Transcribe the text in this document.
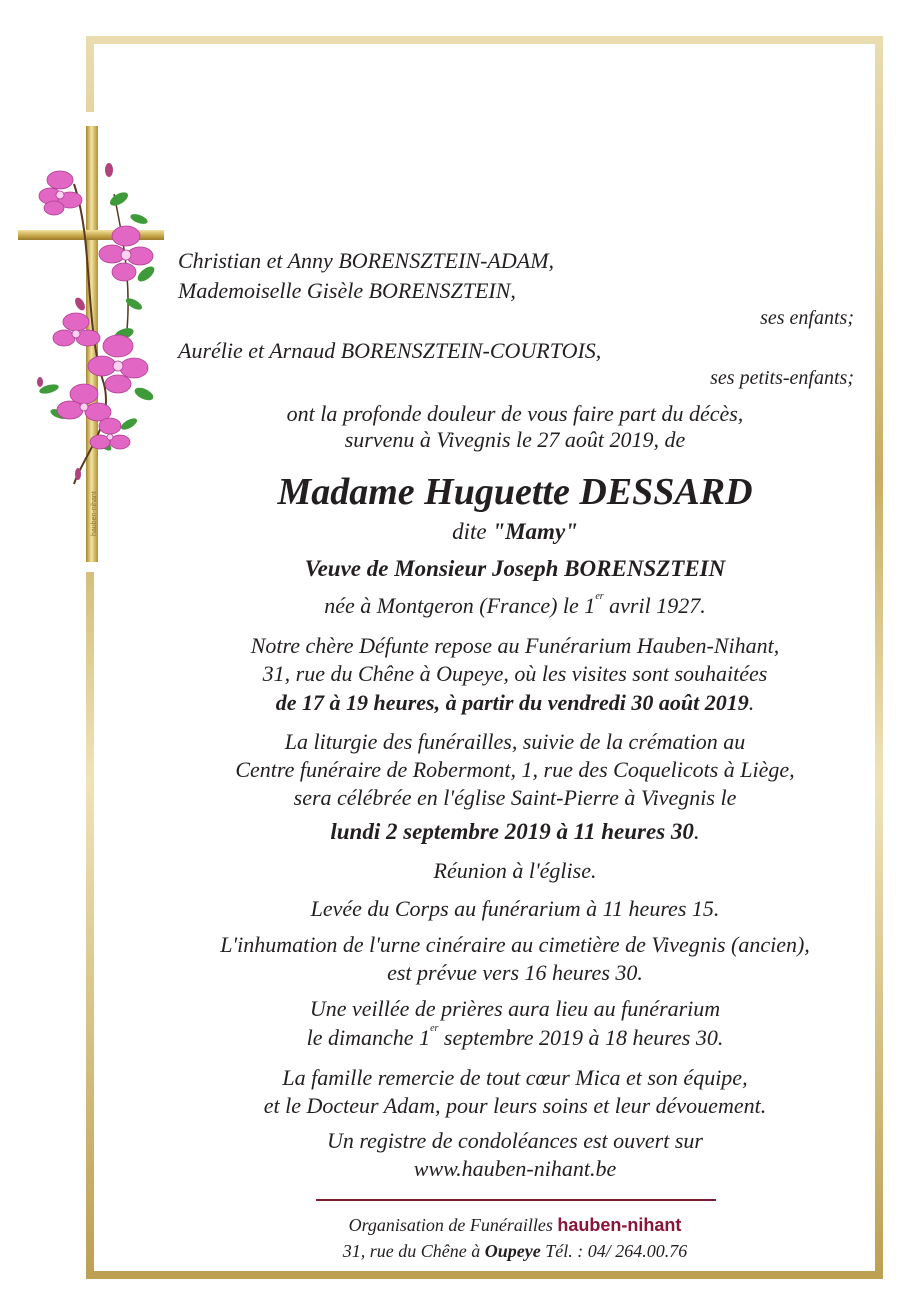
hauben-nihant
Christian et Anny BORENSZTEIN-ADAM,
Mademoiselle Gisèle BORENSZTEIN,
ses enfants;
Aurélie et Arnaud BORENSZTEIN-COURTOIS,
ses petits-enfants;
ont la profonde douleur de vous faire part du décès,
survenu à Vivegnis le 27 août 2019, de
Madame Huguette DESSARD
dite "Mamy"
Veuve de Monsieur Joseph BORENSZTEIN
née à Montgeron (France) le 1er avril 1927.
Notre chère Défunte repose au Funérarium Hauben-Nihant,
31, rue du Chêne à Oupeye, où les visites sont souhaitées
de 17 à 19 heures, à partir du vendredi 30 août 2019.
La liturgie des funérailles, suivie de la crémation au
Centre funéraire de Robermont, 1, rue des Coquelicots à Liège,
sera célébrée en l'église Saint-Pierre à Vivegnis le
lundi 2 septembre 2019 à 11 heures 30.
Réunion à l'église.
Levée du Corps au funérarium à 11 heures 15.
L'inhumation de l'urne cinéraire au cimetière de Vivegnis (ancien),
est prévue vers 16 heures 30.
Une veillée de prières aura lieu au funérarium
le dimanche 1er septembre 2019 à 18 heures 30.
La famille remercie de tout cœur Mica et son équipe,
et le Docteur Adam, pour leurs soins et leur dévouement.
Un registre de condoléances est ouvert sur
www.hauben-nihant.be
Organisation de Funérailles hauben-nihant
31, rue du Chêne à Oupeye Tél. : 04/ 264.00.76
